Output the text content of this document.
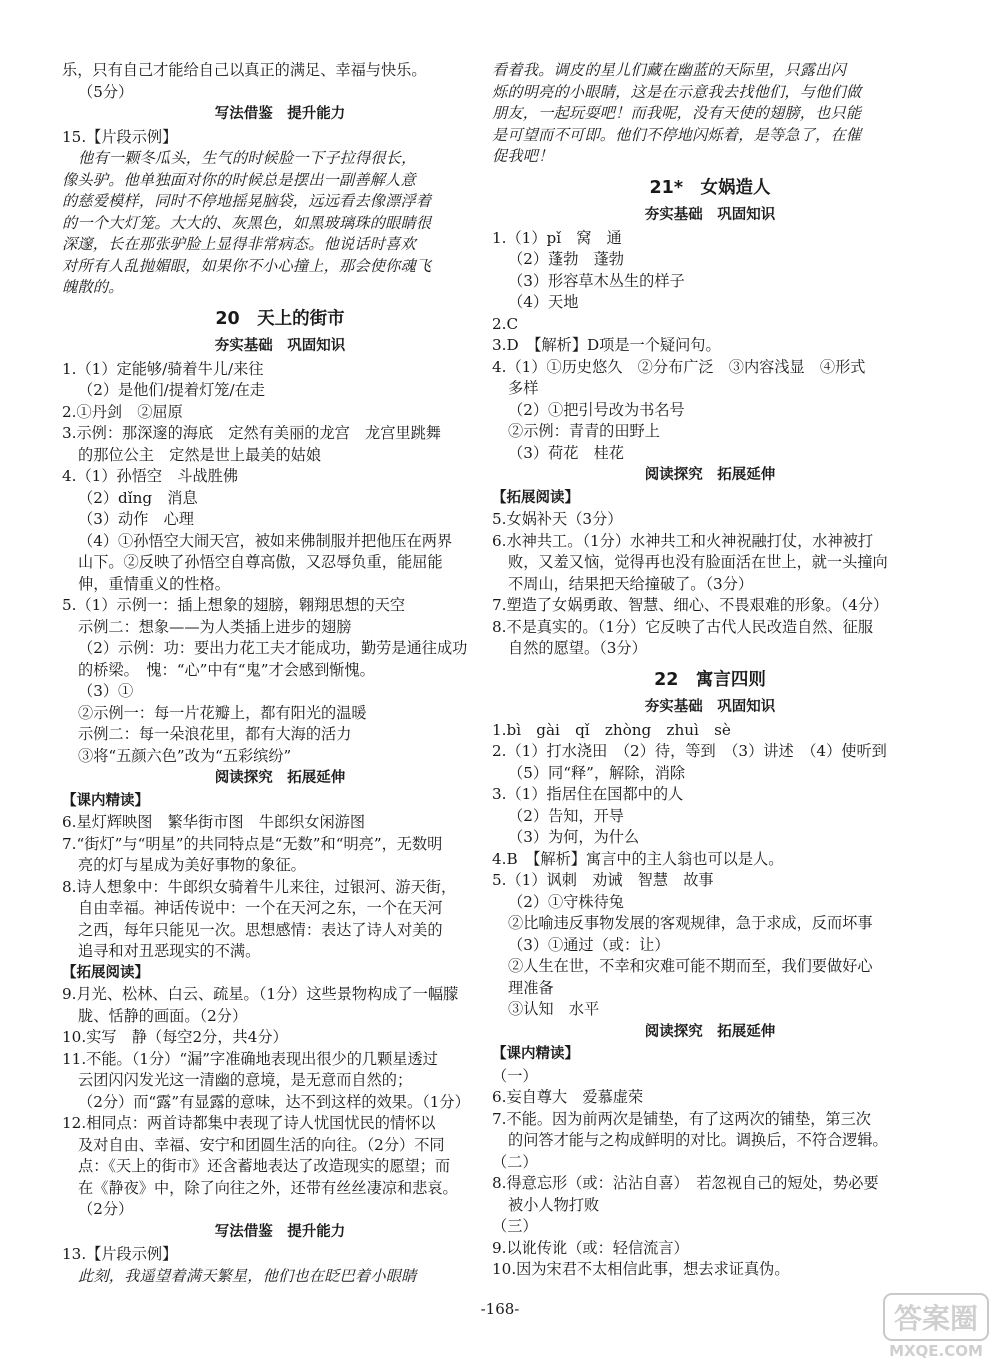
乐，只有自己才能给自己以真正的满足、幸福与快乐。
（5分）
写法借鉴　提升能力
15.【片段示例】
他有一颗冬瓜头，生气的时候脸一下子拉得很长，
像头驴。他单独面对你的时候总是摆出一副善解人意
的慈爱模样，同时不停地摇晃脑袋，远远看去像漂浮着
的一个大灯笼。大大的、灰黑色，如黑玻璃珠的眼睛很
深邃，长在那张驴脸上显得非常病态。他说话时喜欢
对所有人乱抛媚眼，如果你不小心撞上，那会使你魂飞
魄散的。
20　天上的街市
夯实基础　巩固知识
1.（1）定能够/骑着牛儿/来往
（2）是他们/提着灯笼/在走
2.①丹剑　②屈原
3.示例：那深邃的海底　定然有美丽的龙宫　龙宫里跳舞
的那位公主　定然是世上最美的姑娘
4.（1）孙悟空　斗战胜佛
（2）dǐng　消息
（3）动作　心理
（4）①孙悟空大闹天宫，被如来佛制服并把他压在两界
山下。②反映了孙悟空自尊高傲，又忍辱负重，能屈能
伸，重情重义的性格。
5.（1）示例一：插上想象的翅膀，翱翔思想的天空
示例二：想象——为人类插上进步的翅膀
（2）示例：功：要出力花工夫才能成功，勤劳是通往成功
的桥梁。　愧：“心”中有“鬼”才会感到惭愧。
（3）①
②示例一：每一片花瓣上，都有阳光的温暖
示例二：每一朵浪花里，都有大海的活力
③将“五颜六色”改为“五彩缤纷”
阅读探究　拓展延伸
【课内精读】
6.星灯辉映图　繁华街市图　牛郎织女闲游图
7.“街灯”与“明星”的共同特点是“无数”和“明亮”，无数明
亮的灯与星成为美好事物的象征。
8.诗人想象中：牛郎织女骑着牛儿来往，过银河、游天街，
自由幸福。神话传说中：一个在天河之东，一个在天河
之西，每年只能见一次。思想感情：表达了诗人对美的
追寻和对丑恶现实的不满。
【拓展阅读】
9.月光、松林、白云、疏星。（1分）这些景物构成了一幅朦
胧、恬静的画面。（2分）
10.实写　静（每空2分，共4分）
11.不能。（1分）“漏”字准确地表现出很少的几颗星透过
云团闪闪发光这一清幽的意境，是无意而自然的；
（2分）而“露”有显露的意味，达不到这样的效果。（1分）
12.相同点：两首诗都集中表现了诗人忧国忧民的情怀以
及对自由、幸福、安宁和团圆生活的向往。（2分）不同
点：《天上的街市》还含蓄地表达了改造现实的愿望；而
在《静夜》中，除了向往之外，还带有丝丝凄凉和悲哀。
（2分）
写法借鉴　提升能力
13.【片段示例】
此刻，我遥望着满天繁星，他们也在眨巴着小眼睛
看着我。调皮的星儿们藏在幽蓝的天际里，只露出闪
烁的明亮的小眼睛，这是在示意我去找他们，与他们做
朋友，一起玩耍吧！而我呢，没有天使的翅膀，也只能
是可望而不可即。他们不停地闪烁着，是等急了，在催
促我吧！
21*　女娲造人
夯实基础　巩固知识
1.（1）pǐ　窝　通
（2）蓬勃　蓬勃
（3）形容草木丛生的样子
（4）天地
2.C
3.D　【解析】D项是一个疑问句。
4.（1）①历史悠久　②分布广泛　③内容浅显　④形式
多样
（2）①把引号改为书名号
②示例：青青的田野上
（3）荷花　桂花
阅读探究　拓展延伸
【拓展阅读】
5.女娲补天（3分）
6.水神共工。（1分）水神共工和火神祝融打仗，水神被打
败，又羞又恼，觉得再也没有脸面活在世上，就一头撞向
不周山，结果把天给撞破了。（3分）
7.塑造了女娲勇敢、智慧、细心、不畏艰难的形象。（4分）
8.不是真实的。（1分）它反映了古代人民改造自然、征服
自然的愿望。（3分）
22　寓言四则
夯实基础　巩固知识
1.bì　gài　qǐ　zhòng　zhuì　sè
2.（1）打水浇田　（2）待，等到　（3）讲述　（4）使听到
（5）同“释”，解除，消除
3.（1）指居住在国都中的人
（2）告知，开导
（3）为何，为什么
4.B　【解析】寓言中的主人翁也可以是人。
5.（1）讽刺　劝诫　智慧　故事
（2）①守株待兔
②比喻违反事物发展的客观规律，急于求成，反而坏事
（3）①通过（或：让）
②人生在世，不幸和灾难可能不期而至，我们要做好心
理准备
③认知　水平
阅读探究　拓展延伸
【课内精读】
（一）
6.妄自尊大　爱慕虚荣
7.不能。因为前两次是铺垫，有了这两次的铺垫，第三次
的问答才能与之构成鲜明的对比。调换后，不符合逻辑。
（二）
8.得意忘形（或：沾沾自喜）　若忽视自己的短处，势必要
被小人物打败
（三）
9.以讹传讹（或：轻信流言）
10.因为宋君不太相信此事，想去求证真伪。
-168-	答案圈
MXQE.COM
